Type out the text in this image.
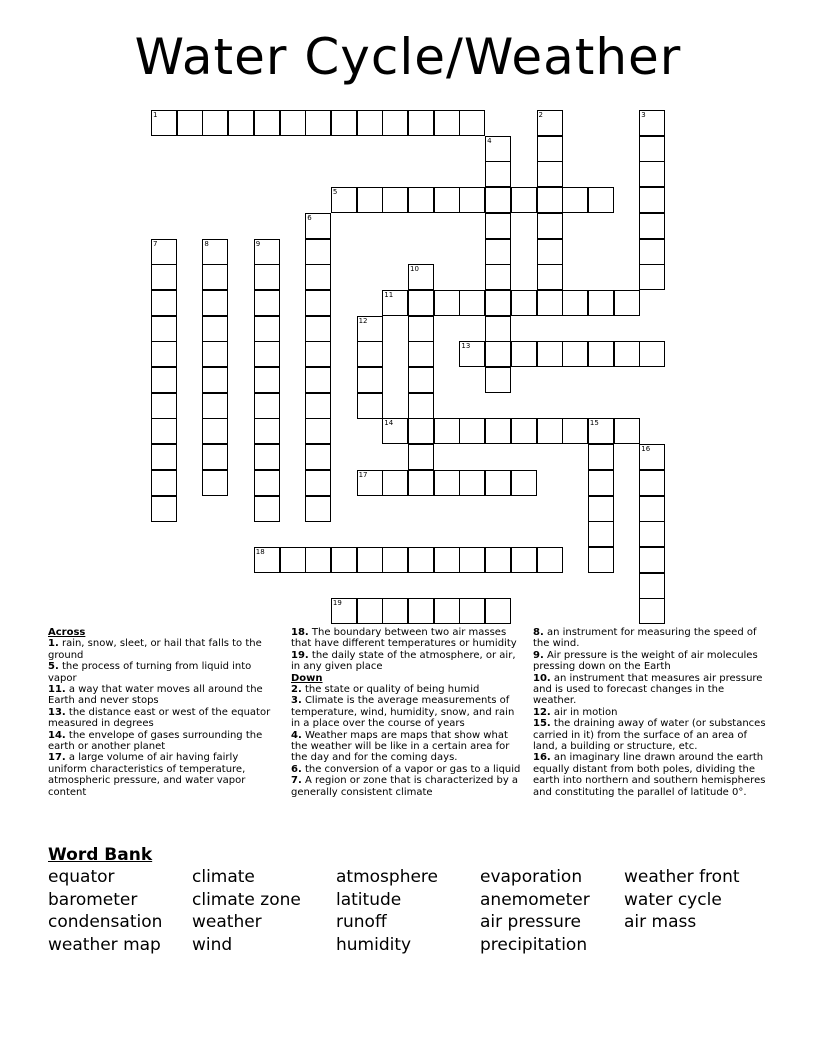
Water Cycle/Weather
1	2	3
4
5
6
7	8	9
10
11
12
13
14	15
16
17
18
19

Across

1. rain, snow, sleet, or hail that falls to the ground

5. the process of turning from liquid into vapor

11. a way that water moves all around the Earth and never stops

13. the distance east or west of the equator measured in degrees

14. the envelope of gases surrounding the earth or another planet

17. a large volume of air having fairly uniform characteristics of temperature, atmospheric pressure, and water vapor content

18. The boundary between two air masses that have different temperatures or humidity

19. the daily state of the atmosphere, or air, in any given place

Down

2. the state or quality of being humid

3. Climate is the average measurements of temperature, wind, humidity, snow, and rain in a place over the course of years

4. Weather maps are maps that show what the weather will be like in a certain area for the day and for the coming days.

6. the conversion of a vapor or gas to a liquid

7. A region or zone that is characterized by a generally consistent climate

8. an instrument for measuring the speed of the wind.

9. Air pressure is the weight of air molecules pressing down on the Earth

10. an instrument that measures air pressure and is used to forecast changes in the weather.

12. air in motion

15. the draining away of water (or substances carried in it) from the surface of an area of land, a building or structure, etc.

16. an imaginary line drawn around the earth equally distant from both poles, dividing the earth into northern and southern hemispheres and constituting the parallel of latitude 0°.

Word Bank

equator	climate	atmosphere	evaporation	weather front
barometer	climate zone	latitude	anemometer	water cycle
condensation	weather	runoff	air pressure	air mass
weather map	wind	humidity	precipitation
